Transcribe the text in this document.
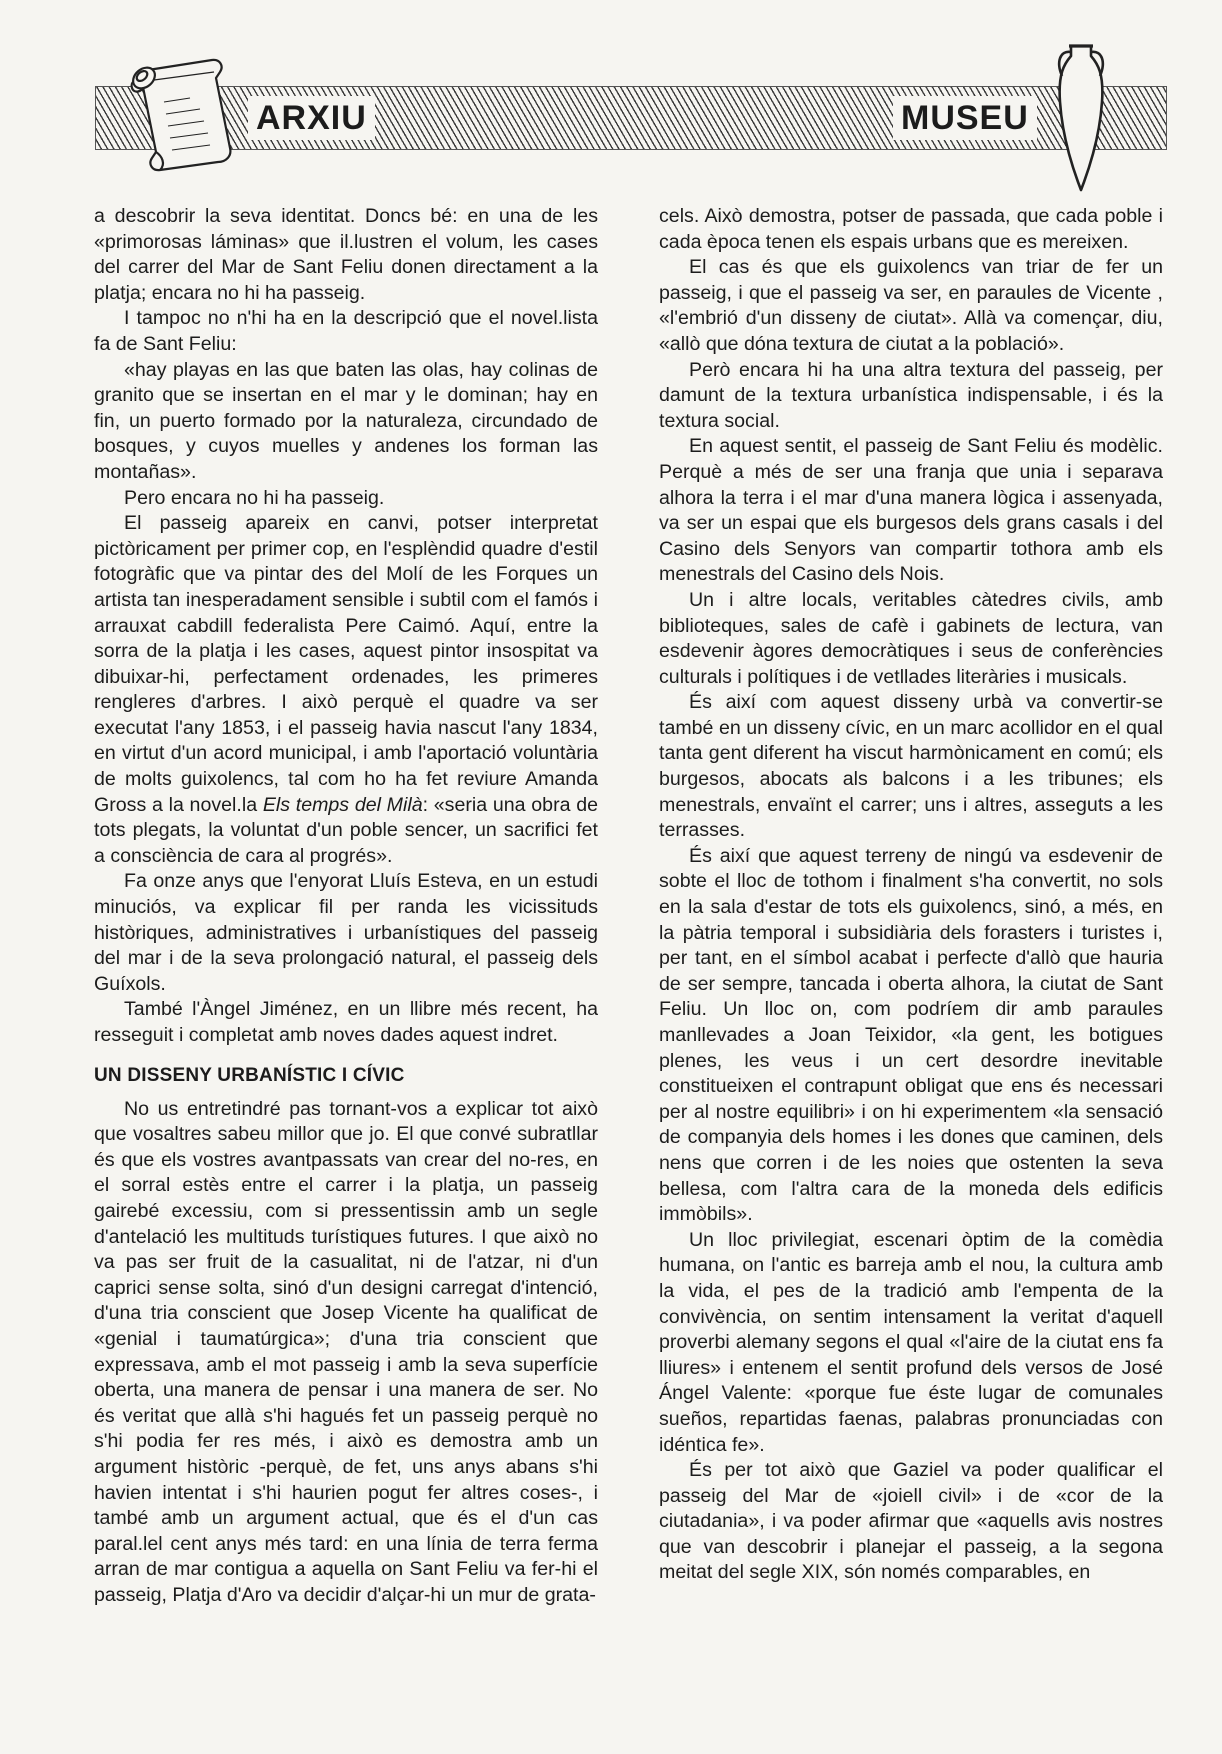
ARXIU	MUSEU

a descobrir la seva identitat. Doncs bé: en una de les «primorosas láminas» que il.lustren el volum, les cases del carrer del Mar de Sant Feliu donen directament a la platja; encara no hi ha passeig.

I tampoc no n'hi ha en la descripció que el novel.lista fa de Sant Feliu:

«hay playas en las que baten las olas, hay colinas de granito que se insertan en el mar y le dominan; hay en fin, un puerto formado por la naturaleza, circundado de bosques, y cuyos muelles y andenes los forman las montañas».

Pero encara no hi ha passeig.

El passeig apareix en canvi, potser interpretat pictòricament per primer cop, en l'esplèndid quadre d'estil fotogràfic que va pintar des del Molí de les Forques un artista tan inesperadament sensible i subtil com el famós i arrauxat cabdill federalista Pere Caimó. Aquí, entre la sorra de la platja i les cases, aquest pintor insospitat va dibuixar-hi, perfectament ordenades, les primeres rengleres d'arbres. I això perquè el quadre va ser executat l'any 1853, i el passeig havia nascut l'any 1834, en virtut d'un acord municipal, i amb l'aportació voluntària de molts guixolencs, tal com ho ha fet reviure Amanda Gross a la novel.la Els temps del Milà: «seria una obra de tots plegats, la voluntat d'un poble sencer, un sacrifici fet a consciència de cara al progrés».

Fa onze anys que l'enyorat Lluís Esteva, en un estudi minuciós, va explicar fil per randa les vicissituds històriques, administratives i urbanístiques del passeig del mar i de la seva prolongació natural, el passeig dels Guíxols.

També l'Àngel Jiménez, en un llibre més recent, ha resseguit i completat amb noves dades aquest indret.

UN DISSENY URBANÍSTIC I CÍVIC

No us entretindré pas tornant-vos a explicar tot això que vosaltres sabeu millor que jo. El que convé subratllar és que els vostres avantpassats van crear del no-res, en el sorral estès entre el carrer i la platja, un passeig gairebé excessiu, com si pressentissin amb un segle d'antelació les multituds turístiques futures. I que això no va pas ser fruit de la casualitat, ni de l'atzar, ni d'un caprici sense solta, sinó d'un designi carregat d'intenció, d'una tria conscient que Josep Vicente ha qualificat de «genial i taumatúrgica»; d'una tria conscient que expressava, amb el mot passeig i amb la seva superfície oberta, una manera de pensar i una manera de ser. No és veritat que allà s'hi hagués fet un passeig perquè no s'hi podia fer res més, i això es demostra amb un argument històric -perquè, de fet, uns anys abans s'hi havien intentat i s'hi haurien pogut fer altres coses-, i també amb un argument actual, que és el d'un cas paral.lel cent anys més tard: en una línia de terra ferma arran de mar contigua a aquella on Sant Feliu va fer-hi el passeig, Platja d'Aro va decidir d'alçar-hi un mur de grata-

cels. Això demostra, potser de passada, que cada poble i cada època tenen els espais urbans que es mereixen.

El cas és que els guixolencs van triar de fer un passeig, i que el passeig va ser, en paraules de Vicente , «l'embrió d'un disseny de ciutat». Allà va començar, diu, «allò que dóna textura de ciutat a la població».

Però encara hi ha una altra textura del passeig, per damunt de la textura urbanística indispensable, i és la textura social.

En aquest sentit, el passeig de Sant Feliu és modèlic. Perquè a més de ser una franja que unia i separava alhora la terra i el mar d'una manera lògica i assenyada, va ser un espai que els burgesos dels grans casals i del Casino dels Senyors van compartir tothora amb els menestrals del Casino dels Nois.

Un i altre locals, veritables càtedres civils, amb biblioteques, sales de cafè i gabinets de lectura, van esdevenir àgores democràtiques i seus de conferències culturals i polítiques i de vetllades literàries i musicals.

És així com aquest disseny urbà va convertir-se també en un disseny cívic, en un marc acollidor en el qual tanta gent diferent ha viscut harmònicament en comú; els burgesos, abocats als balcons i a les tribunes; els menestrals, envaïnt el carrer; uns i altres, asseguts a les terrasses.

És així que aquest terreny de ningú va esdevenir de sobte el lloc de tothom i finalment s'ha convertit, no sols en la sala d'estar de tots els guixolencs, sinó, a més, en la pàtria temporal i subsidiària dels forasters i turistes i, per tant, en el símbol acabat i perfecte d'allò que hauria de ser sempre, tancada i oberta alhora, la ciutat de Sant Feliu. Un lloc on, com podríem dir amb paraules manllevades a Joan Teixidor, «la gent, les botigues plenes, les veus i un cert desordre inevitable constitueixen el contrapunt obligat que ens és necessari per al nostre equilibri» i on hi experimentem «la sensació de companyia dels homes i les dones que caminen, dels nens que corren i de les noies que ostenten la seva bellesa, com l'altra cara de la moneda dels edificis immòbils».

Un lloc privilegiat, escenari òptim de la comèdia humana, on l'antic es barreja amb el nou, la cultura amb la vida, el pes de la tradició amb l'empenta de la convivència, on sentim intensament la veritat d'aquell proverbi alemany segons el qual «l'aire de la ciutat ens fa lliures» i entenem el sentit profund dels versos de José Ángel Valente: «porque fue éste lugar de comunales sueños, repartidas faenas, palabras pronunciadas con idéntica fe».

És per tot això que Gaziel va poder qualificar el passeig del Mar de «joiell civil» i de «cor de la ciutadania», i va poder afirmar que «aquells avis nostres que van descobrir i planejar el passeig, a la segona meitat del segle XIX, són només comparables, en
